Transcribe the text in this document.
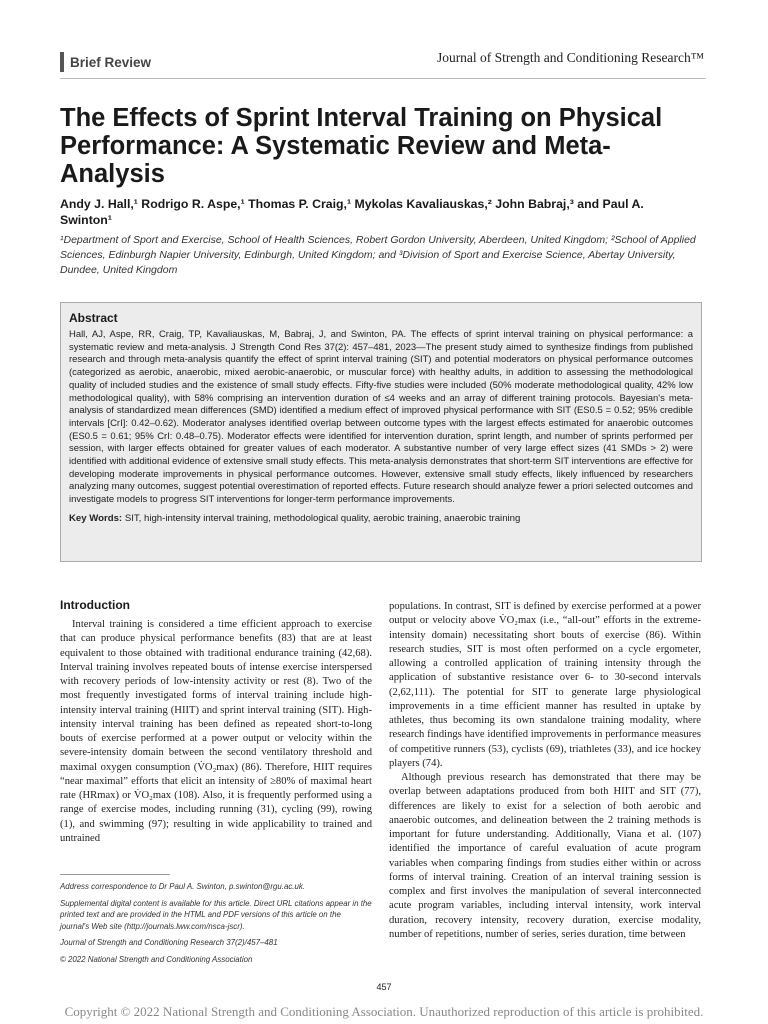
Brief Review	Journal of Strength and Conditioning Research™
The Effects of Sprint Interval Training on Physical Performance: A Systematic Review and Meta-Analysis
Andy J. Hall,¹ Rodrigo R. Aspe,¹ Thomas P. Craig,¹ Mykolas Kavaliauskas,² John Babraj,³ and Paul A. Swinton¹
¹Department of Sport and Exercise, School of Health Sciences, Robert Gordon University, Aberdeen, United Kingdom; ²School of Applied Sciences, Edinburgh Napier University, Edinburgh, United Kingdom; and ³Division of Sport and Exercise Science, Abertay University, Dundee, United Kingdom
Abstract

Hall, AJ, Aspe, RR, Craig, TP, Kavaliauskas, M, Babraj, J, and Swinton, PA. The effects of sprint interval training on physical performance: a systematic review and meta-analysis. J Strength Cond Res 37(2): 457–481, 2023—The present study aimed to synthesize findings from published research and through meta-analysis quantify the effect of sprint interval training (SIT) and potential moderators on physical performance outcomes (categorized as aerobic, anaerobic, mixed aerobic-anaerobic, or muscular force) with healthy adults, in addition to assessing the methodological quality of included studies and the existence of small study effects. Fifty-five studies were included (50% moderate methodological quality, 42% low methodological quality), with 58% comprising an intervention duration of ≤4 weeks and an array of different training protocols. Bayesian's meta-analysis of standardized mean differences (SMD) identified a medium effect of improved physical performance with SIT (ES0.5 = 0.52; 95% credible intervals [CrI]: 0.42–0.62). Moderator analyses identified overlap between outcome types with the largest effects estimated for anaerobic outcomes (ES0.5 = 0.61; 95% CrI: 0.48–0.75). Moderator effects were identified for intervention duration, sprint length, and number of sprints performed per session, with larger effects obtained for greater values of each moderator. A substantive number of very large effect sizes (41 SMDs > 2) were identified with additional evidence of extensive small study effects. This meta-analysis demonstrates that short-term SIT interventions are effective for developing moderate improvements in physical performance outcomes. However, extensive small study effects, likely influenced by researchers analyzing many outcomes, suggest potential overestimation of reported effects. Future research should analyze fewer a priori selected outcomes and investigate models to progress SIT interventions for longer-term performance improvements.

Key Words: SIT, high-intensity interval training, methodological quality, aerobic training, anaerobic training
Introduction

Interval training is considered a time efficient approach to exercise that can produce physical performance benefits (83) that are at least equivalent to those obtained with traditional endurance training (42,68). Interval training involves repeated bouts of intense exercise interspersed with recovery periods of low-intensity activity or rest (8). Two of the most frequently investigated forms of interval training include high-intensity interval training (HIIT) and sprint interval training (SIT). High-intensity interval training has been defined as repeated short-to-long bouts of exercise performed at a power output or velocity within the severe-intensity domain between the second ventilatory threshold and maximal oxygen consumption (V̇O₂max) (86). Therefore, HIIT requires “near maximal” efforts that elicit an intensity of ≥80% of maximal heart rate (HRmax) or V̇O₂max (108). Also, it is frequently performed using a range of exercise modes, including running (31), cycling (99), rowing (1), and swimming (97); resulting in wide applicability to trained and untrained

Address correspondence to Dr Paul A. Swinton, p.swinton@rgu.ac.uk.

Supplemental digital content is available for this article. Direct URL citations appear in the printed text and are provided in the HTML and PDF versions of this article on the journal's Web site (http://journals.lww.com/nsca-jscr).

Journal of Strength and Conditioning Research 37(2)/457–481

© 2022 National Strength and Conditioning Association

populations. In contrast, SIT is defined by exercise performed at a power output or velocity above V̇O₂max (i.e., “all-out” efforts in the extreme-intensity domain) necessitating short bouts of exercise (86). Within research studies, SIT is most often performed on a cycle ergometer, allowing a controlled application of training intensity through the application of substantive resistance over 6- to 30-second intervals (2,62,111). The potential for SIT to generate large physiological improvements in a time efficient manner has resulted in uptake by athletes, thus becoming its own standalone training modality, where research findings have identified improvements in performance measures of competitive runners (53), cyclists (69), triathletes (33), and ice hockey players (74).

Although previous research has demonstrated that there may be overlap between adaptations produced from both HIIT and SIT (77), differences are likely to exist for a selection of both aerobic and anaerobic outcomes, and delineation between the 2 training methods is important for future understanding. Additionally, Viana et al. (107) identified the importance of careful evaluation of acute program variables when comparing findings from studies either within or across forms of interval training. Creation of an interval training session is complex and first involves the manipulation of several interconnected acute program variables, including interval intensity, work interval duration, recovery intensity, recovery duration, exercise modality, number of repetitions, number of series, series duration, time between

457
Copyright © 2022 National Strength and Conditioning Association. Unauthorized reproduction of this article is prohibited.
